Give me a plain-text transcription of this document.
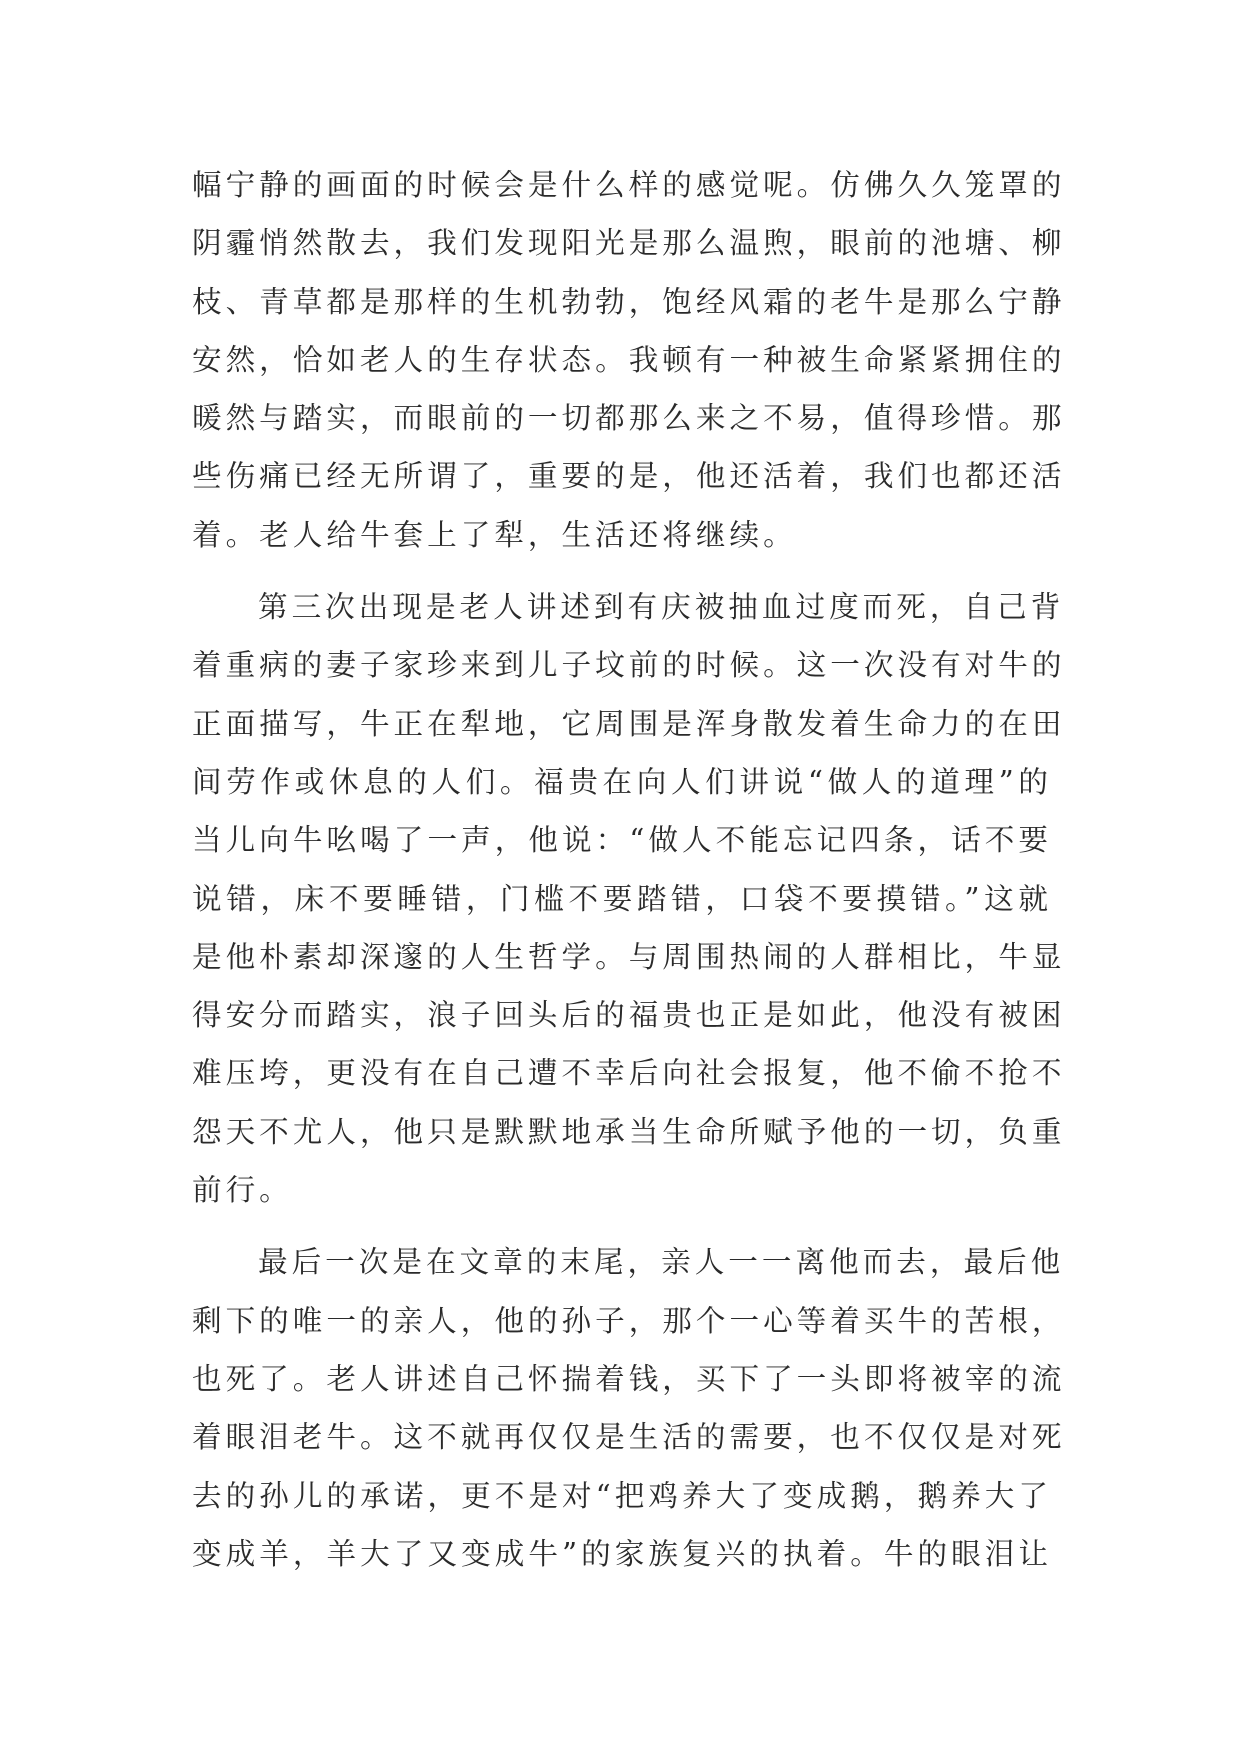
幅宁静的画面的时候会是什么样的感觉呢。仿佛久久笼罩的
阴霾悄然散去，我们发现阳光是那么温煦，眼前的池塘、柳
枝、青草都是那样的生机勃勃，饱经风霜的老牛是那么宁静
安然，恰如老人的生存状态。我顿有一种被生命紧紧拥住的
暖然与踏实，而眼前的一切都那么来之不易，值得珍惜。那
些伤痛已经无所谓了，重要的是，他还活着，我们也都还活
着。老人给牛套上了犁，生活还将继续。
第三次出现是老人讲述到有庆被抽血过度而死，自己背
着重病的妻子家珍来到儿子坟前的时候。这一次没有对牛的
正面描写，牛正在犁地，它周围是浑身散发着生命力的在田
间劳作或休息的人们。福贵在向人们讲说“做人的道理”的
当儿向牛吆喝了一声，他说：“做人不能忘记四条，话不要
说错，床不要睡错，门槛不要踏错，口袋不要摸错。”这就
是他朴素却深邃的人生哲学。与周围热闹的人群相比，牛显
得安分而踏实，浪子回头后的福贵也正是如此，他没有被困
难压垮，更没有在自己遭不幸后向社会报复，他不偷不抢不
怨天不尤人，他只是默默地承当生命所赋予他的一切，负重
前行。
最后一次是在文章的末尾，亲人一一离他而去，最后他
剩下的唯一的亲人，他的孙子，那个一心等着买牛的苦根，
也死了。老人讲述自己怀揣着钱，买下了一头即将被宰的流
着眼泪老牛。这不就再仅仅是生活的需要，也不仅仅是对死
去的孙儿的承诺，更不是对“把鸡养大了变成鹅，鹅养大了
变成羊，羊大了又变成牛”的家族复兴的执着。牛的眼泪让
